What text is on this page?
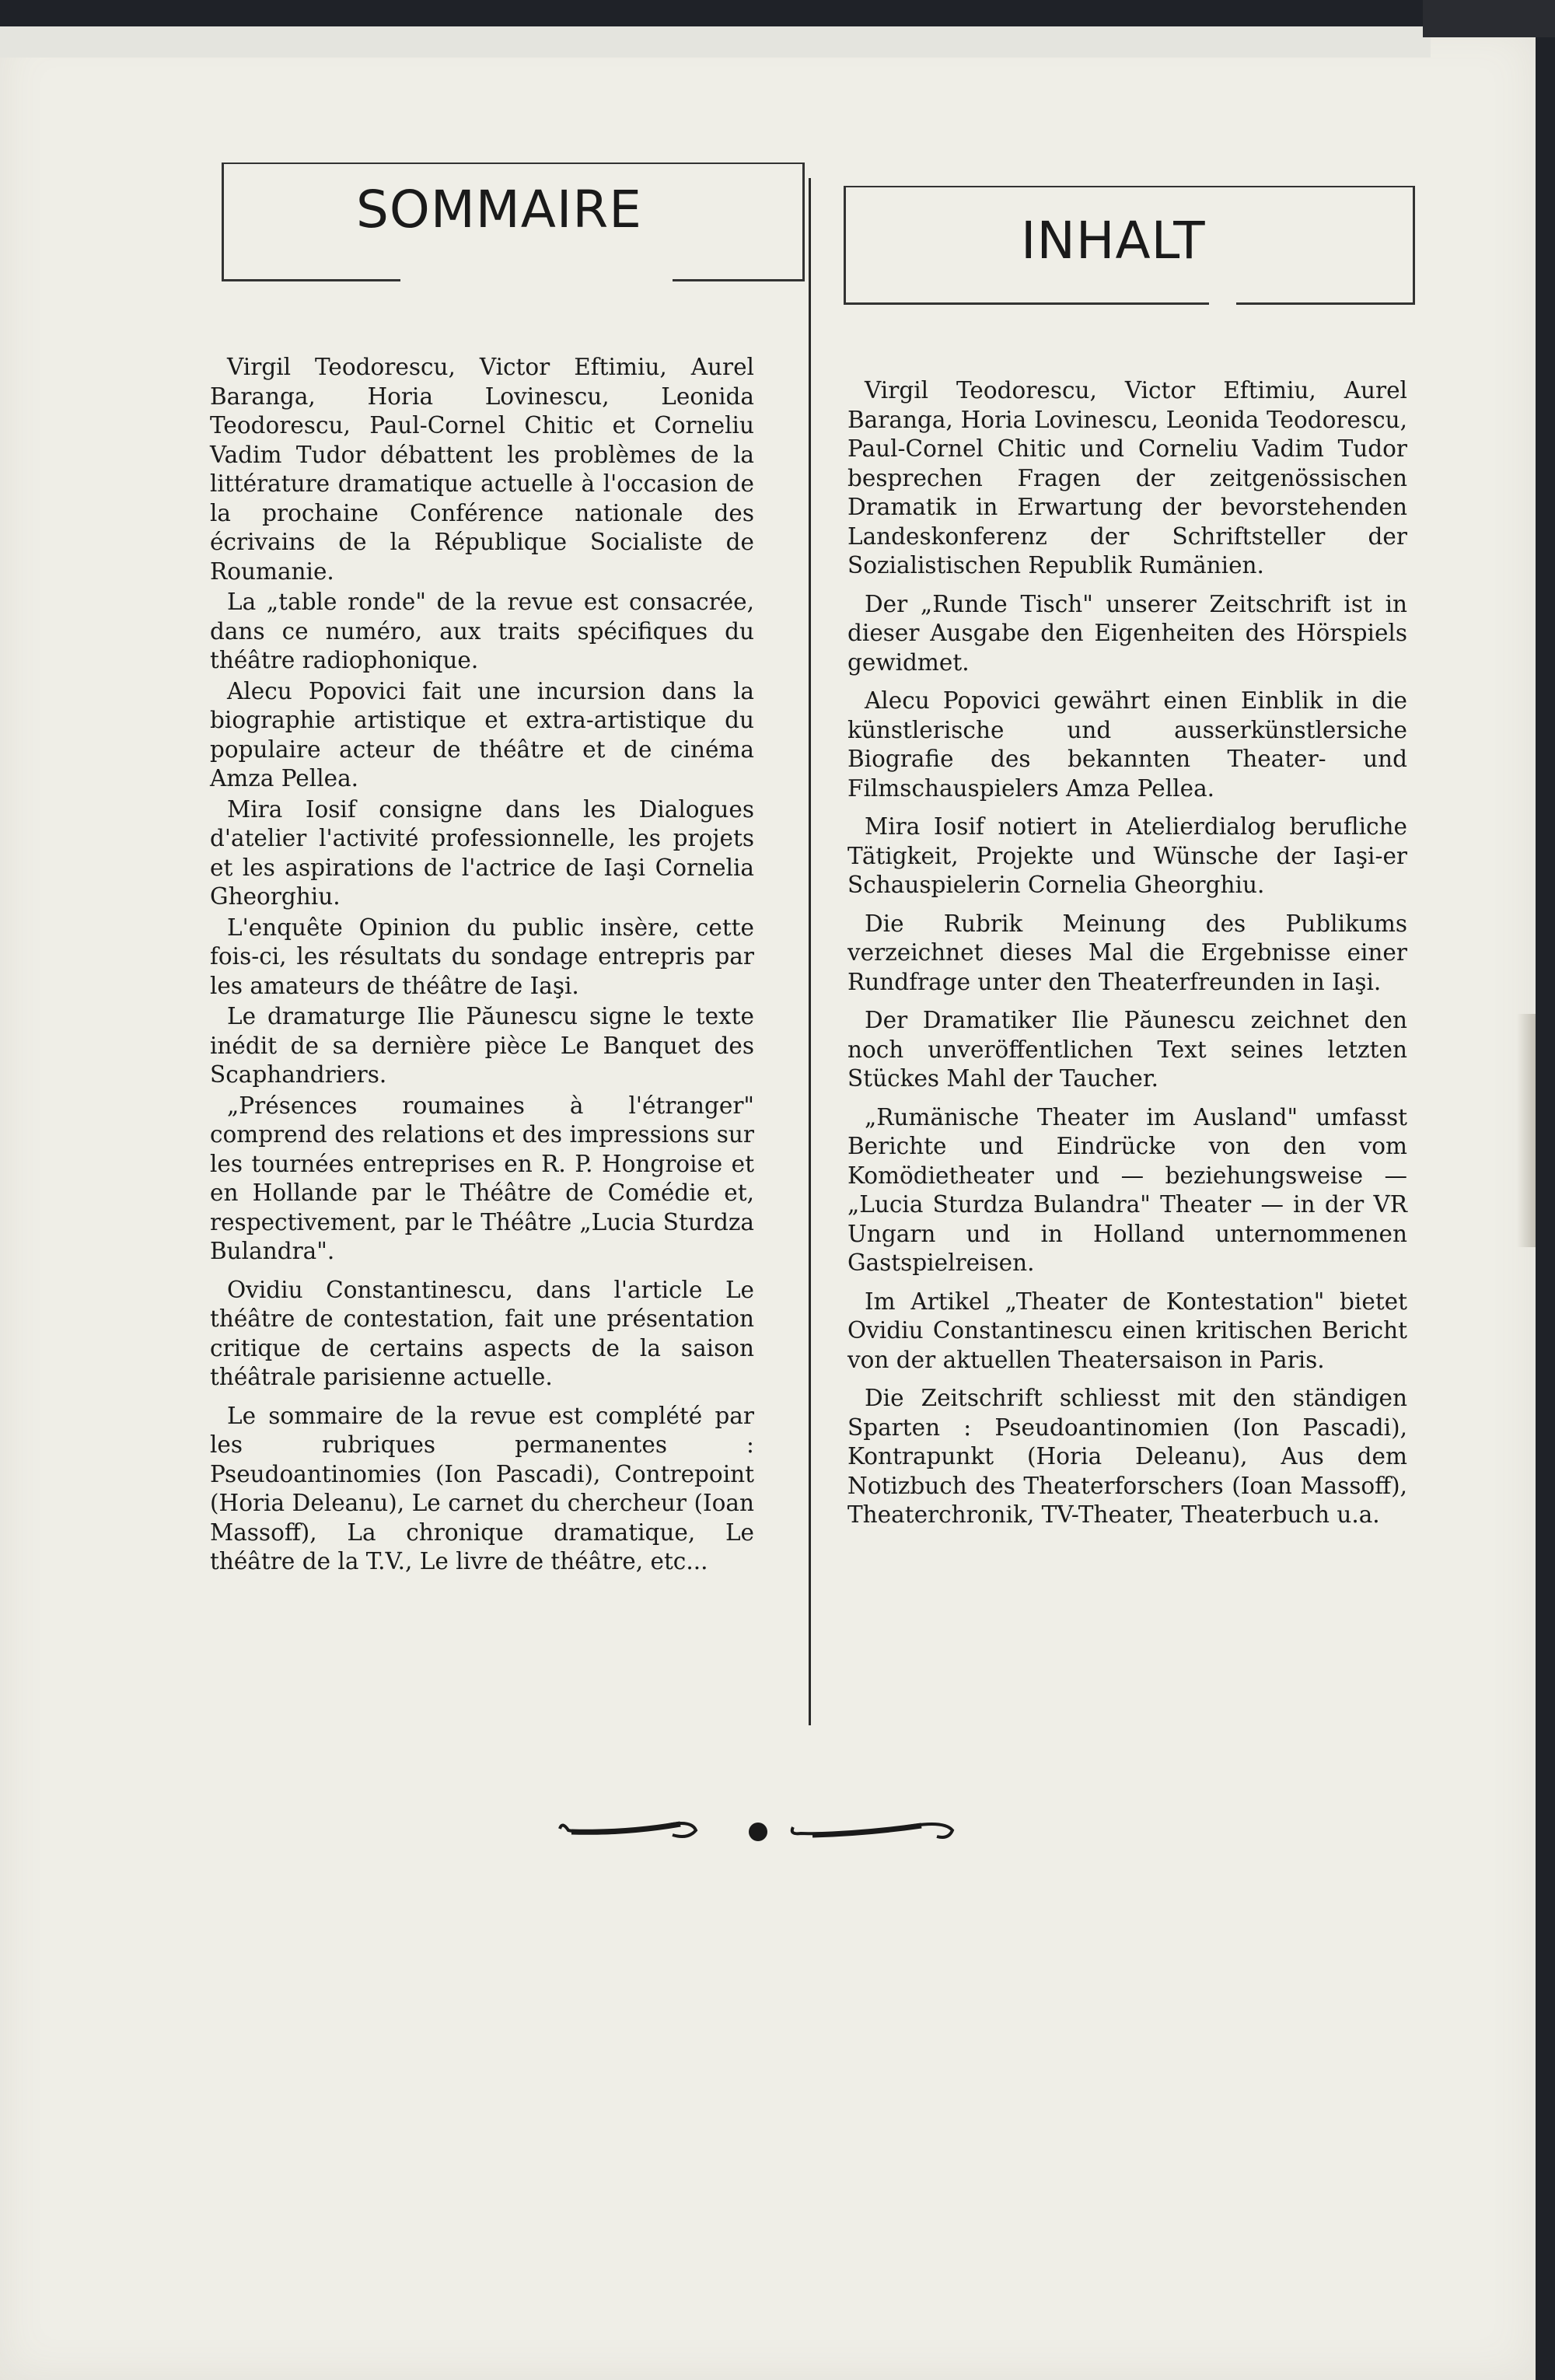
SOMMAIRE
INHALT

Virgil Teodorescu, Victor Eftimiu, Aurel Baranga, Horia Lovinescu, Leonida Teodorescu, Paul-Cornel Chitic et Corneliu Vadim Tudor débattent les problèmes de la littérature dramatique actuelle à l'occasion de la prochaine Conférence nationale des écrivains de la République Socialiste de Roumanie.

La „table ronde" de la revue est consacrée, dans ce numéro, aux traits spécifiques du théâtre radiophonique.

Alecu Popovici fait une incursion dans la biographie artistique et extra-artistique du populaire acteur de théâtre et de cinéma Amza Pellea.

Mira Iosif consigne dans les Dialogues d'atelier l'activité professionnelle, les projets et les aspirations de l'actrice de Iaşi Cornelia Gheorghiu.

L'enquête Opinion du public insère, cette fois-ci, les résultats du sondage entrepris par les amateurs de théâtre de Iaşi.

Le dramaturge Ilie Păunescu signe le texte inédit de sa dernière pièce Le Banquet des Scaphandriers.

„Présences roumaines à l'étranger" comprend des relations et des impressions sur les tournées entreprises en R. P. Hongroise et en Hollande par le Théâtre de Comédie et, respectivement, par le Théâtre „Lucia Sturdza Bulandra".

Ovidiu Constantinescu, dans l'article Le théâtre de contestation, fait une présentation critique de certains aspects de la saison théâtrale parisienne actuelle.

Le sommaire de la revue est complété par les rubriques permanentes : Pseudoantinomies (Ion Pascadi), Contrepoint (Horia Deleanu), Le carnet du chercheur (Ioan Massoff), La chronique dramatique, Le théâtre de la T.V., Le livre de théâtre, etc...

Virgil Teodorescu, Victor Eftimiu, Aurel Baranga, Horia Lovinescu, Leonida Teodorescu, Paul-Cornel Chitic und Corneliu Vadim Tudor besprechen Fragen der zeitgenössischen Dramatik in Erwartung der bevorstehenden Landeskonferenz der Schriftsteller der Sozialistischen Republik Rumänien.

Der „Runde Tisch" unserer Zeitschrift ist in dieser Ausgabe den Eigenheiten des Hörspiels gewidmet.

Alecu Popovici gewährt einen Einblik in die künstlerische und ausserkünstlersiche Biografie des bekannten Theater- und Filmschauspielers Amza Pellea.

Mira Iosif notiert in Atelierdialog berufliche Tätigkeit, Projekte und Wünsche der Iaşi-er Schauspielerin Cornelia Gheorghiu.

Die Rubrik Meinung des Publikums verzeichnet dieses Mal die Ergebnisse einer Rundfrage unter den Theaterfreunden in Iaşi.

Der Dramatiker Ilie Păunescu zeichnet den noch unveröffentlichen Text seines letzten Stückes Mahl der Taucher.

„Rumänische Theater im Ausland" umfasst Berichte und Eindrücke von den vom Komödietheater und — beziehungsweise — „Lucia Sturdza Bulandra" Theater — in der VR Ungarn und in Holland unternommenen Gastspielreisen.

Im Artikel „Theater de Kontestation" bietet Ovidiu Constantinescu einen kritischen Bericht von der aktuellen Theatersaison in Paris.

Die Zeitschrift schliesst mit den ständigen Sparten : Pseudoantinomien (Ion Pascadi), Kontrapunkt (Horia Deleanu), Aus dem Notizbuch des Theaterforschers (Ioan Massoff), Theaterchronik, TV-Theater, Theaterbuch u.a.
